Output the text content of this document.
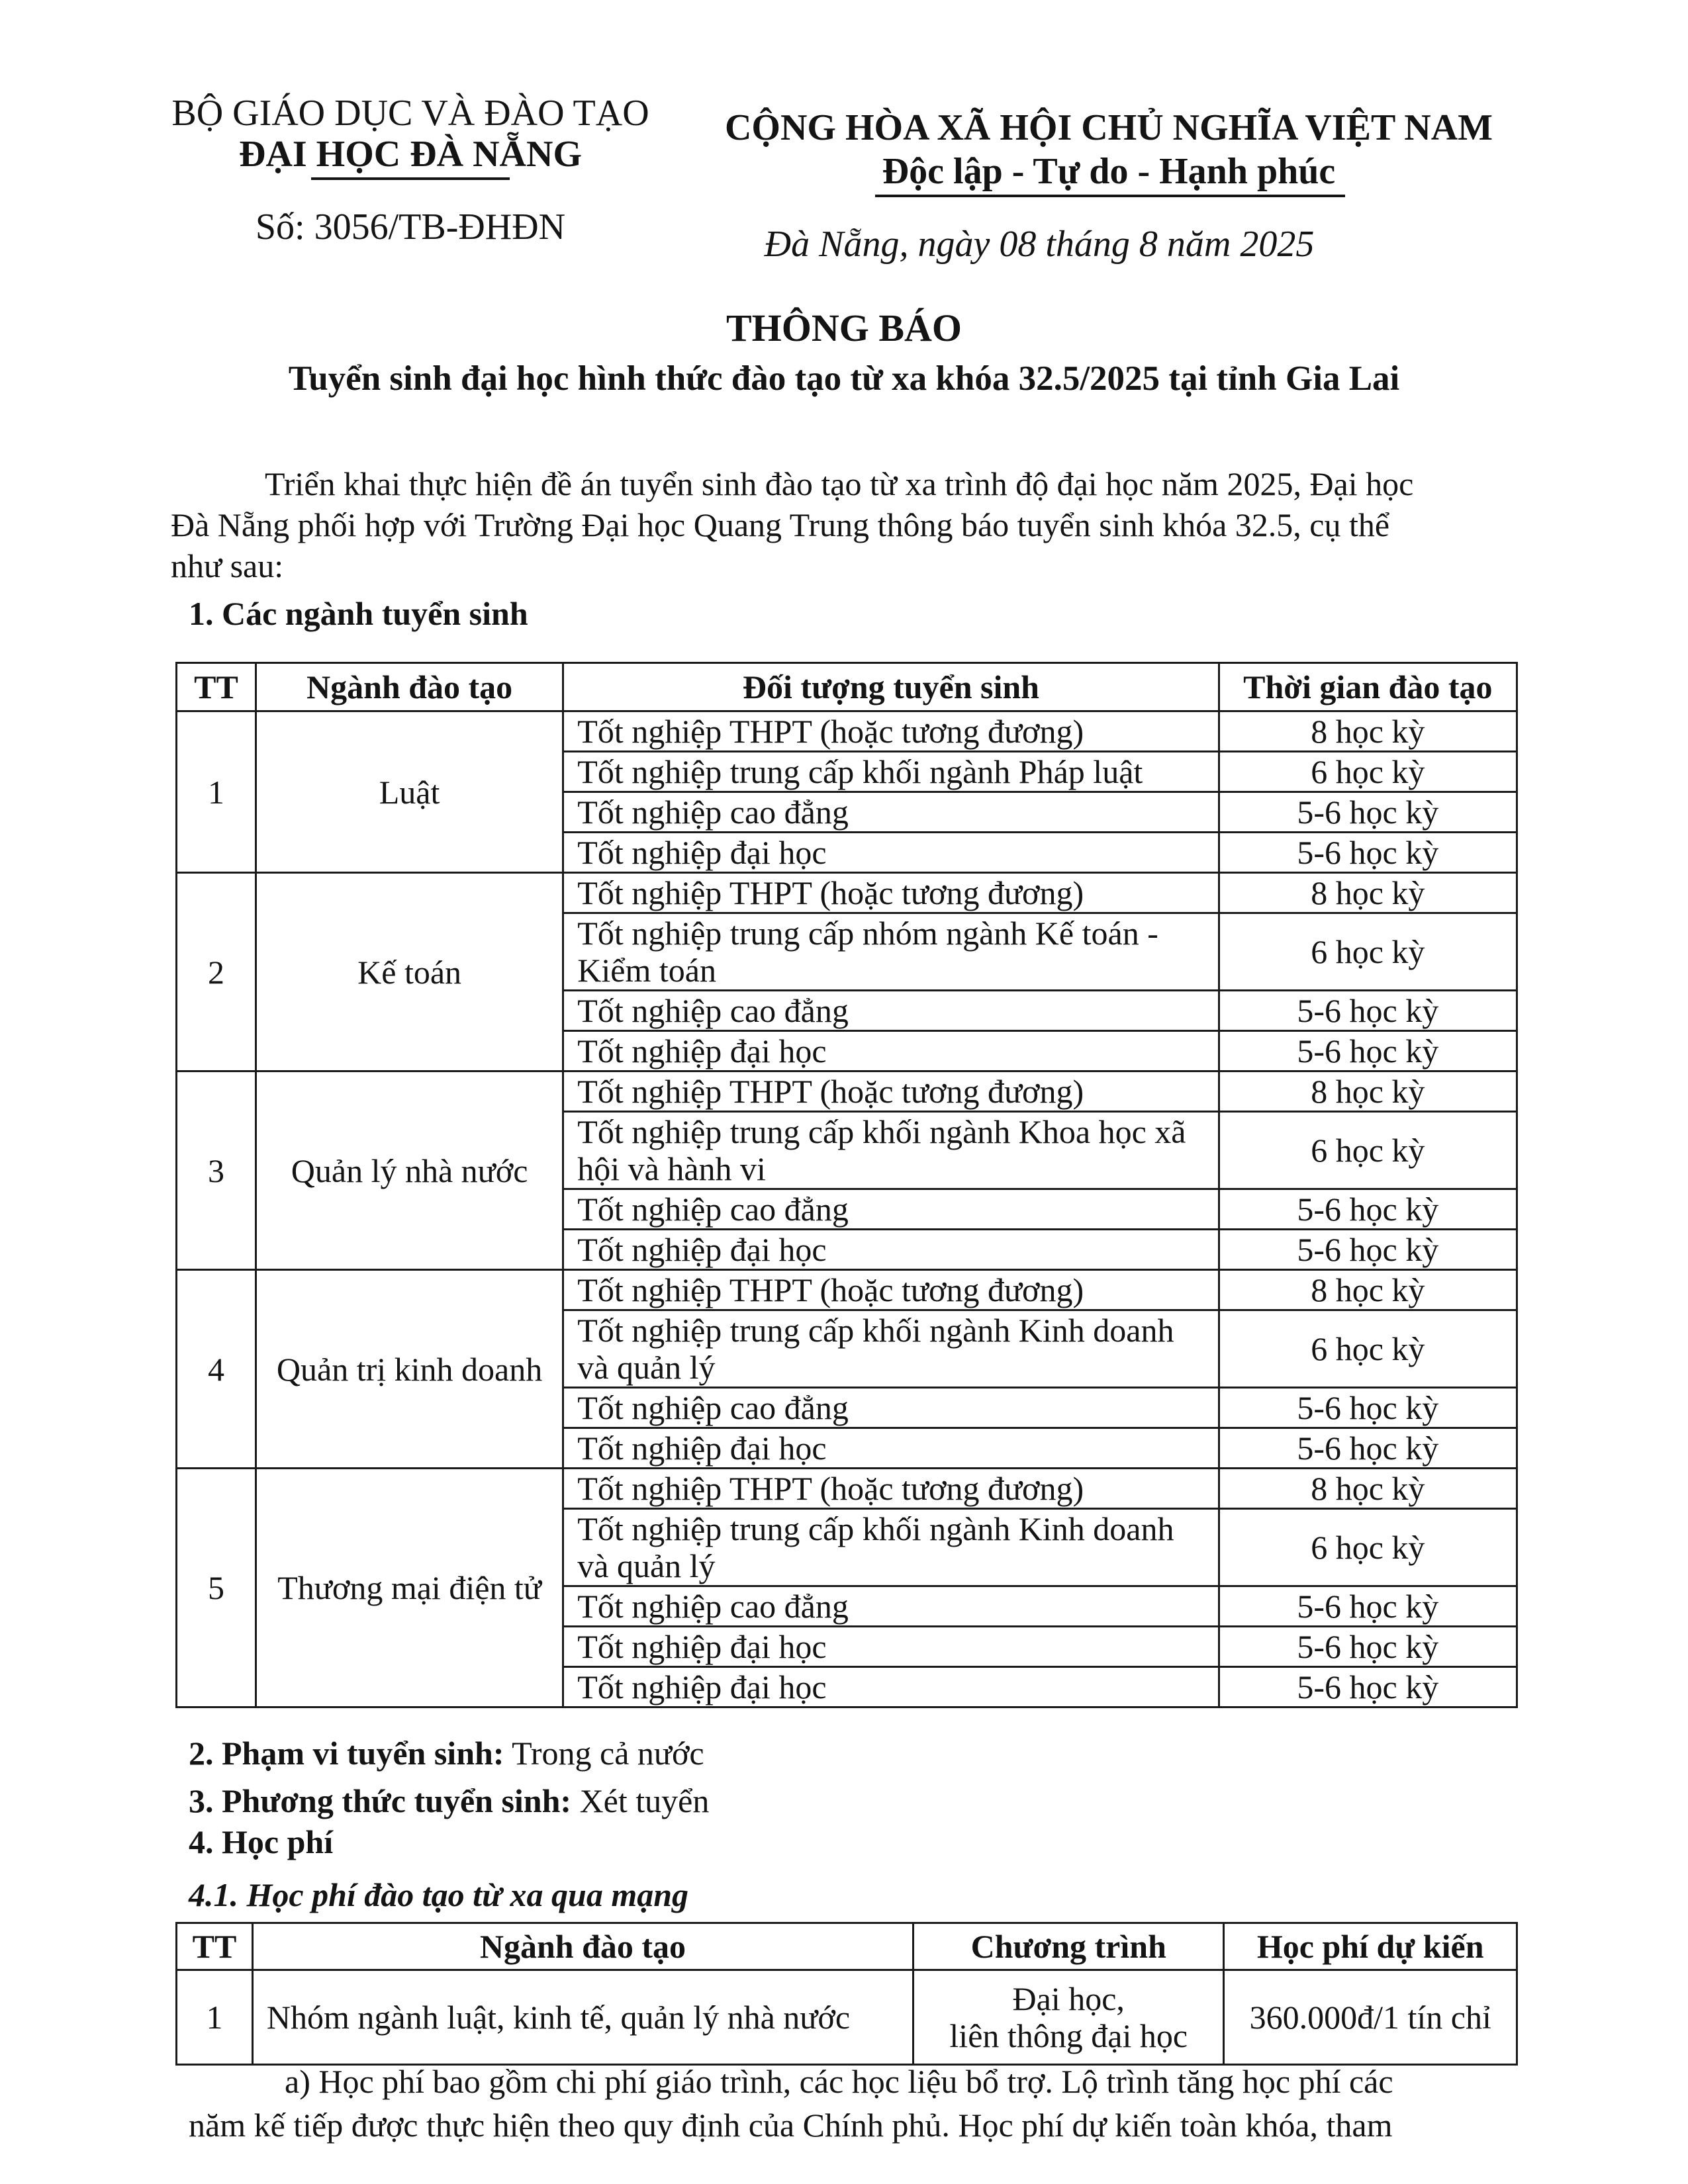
BỘ GIÁO DỤC VÀ ĐÀO TẠO
ĐẠI HỌC ĐÀ NẴNG
Số: 3056/TB-ĐHĐN
CỘNG HÒA XÃ HỘI CHỦ NGHĨA VIỆT NAM
Độc lập - Tự do - Hạnh phúc
Đà Nẵng, ngày 08 tháng 8 năm 2025
THÔNG BÁO
Tuyển sinh đại học hình thức đào tạo từ xa khóa 32.5/2025 tại tỉnh Gia Lai
Triển khai thực hiện đề án tuyển sinh đào tạo từ xa trình độ đại học năm 2025, Đại học
Đà Nẵng phối hợp với Trường Đại học Quang Trung thông báo tuyển sinh khóa 32.5, cụ thể
như sau:
1. Các ngành tuyển sinh
TT	Ngành đào tạo	Đối tượng tuyển sinh	Thời gian đào tạo
1	Luật	Tốt nghiệp THPT (hoặc tương đương)	8 học kỳ
		Tốt nghiệp trung cấp khối ngành Pháp luật	6 học kỳ
		Tốt nghiệp cao đẳng	5-6 học kỳ
		Tốt nghiệp đại học	5-6 học kỳ
2	Kế toán	Tốt nghiệp THPT (hoặc tương đương)	8 học kỳ
		Tốt nghiệp trung cấp nhóm ngành Kế toán -
Kiểm toán	6 học kỳ
		Tốt nghiệp cao đẳng	5-6 học kỳ
		Tốt nghiệp đại học	5-6 học kỳ
3	Quản lý nhà nước	Tốt nghiệp THPT (hoặc tương đương)	8 học kỳ
		Tốt nghiệp trung cấp khối ngành Khoa học xã
hội và hành vi	6 học kỳ
		Tốt nghiệp cao đẳng	5-6 học kỳ
		Tốt nghiệp đại học	5-6 học kỳ
4	Quản trị kinh doanh	Tốt nghiệp THPT (hoặc tương đương)	8 học kỳ
		Tốt nghiệp trung cấp khối ngành Kinh doanh
và quản lý	6 học kỳ
		Tốt nghiệp cao đẳng	5-6 học kỳ
		Tốt nghiệp đại học	5-6 học kỳ
5	Thương mại điện tử	Tốt nghiệp THPT (hoặc tương đương)	8 học kỳ
		Tốt nghiệp trung cấp khối ngành Kinh doanh
và quản lý	6 học kỳ
		Tốt nghiệp cao đẳng	5-6 học kỳ
		Tốt nghiệp đại học	5-6 học kỳ
		Tốt nghiệp đại học	5-6 học kỳ
2. Phạm vi tuyển sinh: Trong cả nước
3. Phương thức tuyển sinh: Xét tuyển
4. Học phí
4.1. Học phí đào tạo từ xa qua mạng
TT	Ngành đào tạo	Chương trình	Học phí dự kiến
1	Nhóm ngành luật, kinh tế, quản lý nhà nước	Đại học,
liên thông đại học	360.000đ/1 tín chỉ
a) Học phí bao gồm chi phí giáo trình, các học liệu bổ trợ. Lộ trình tăng học phí các
năm kế tiếp được thực hiện theo quy định của Chính phủ. Học phí dự kiến toàn khóa, tham
